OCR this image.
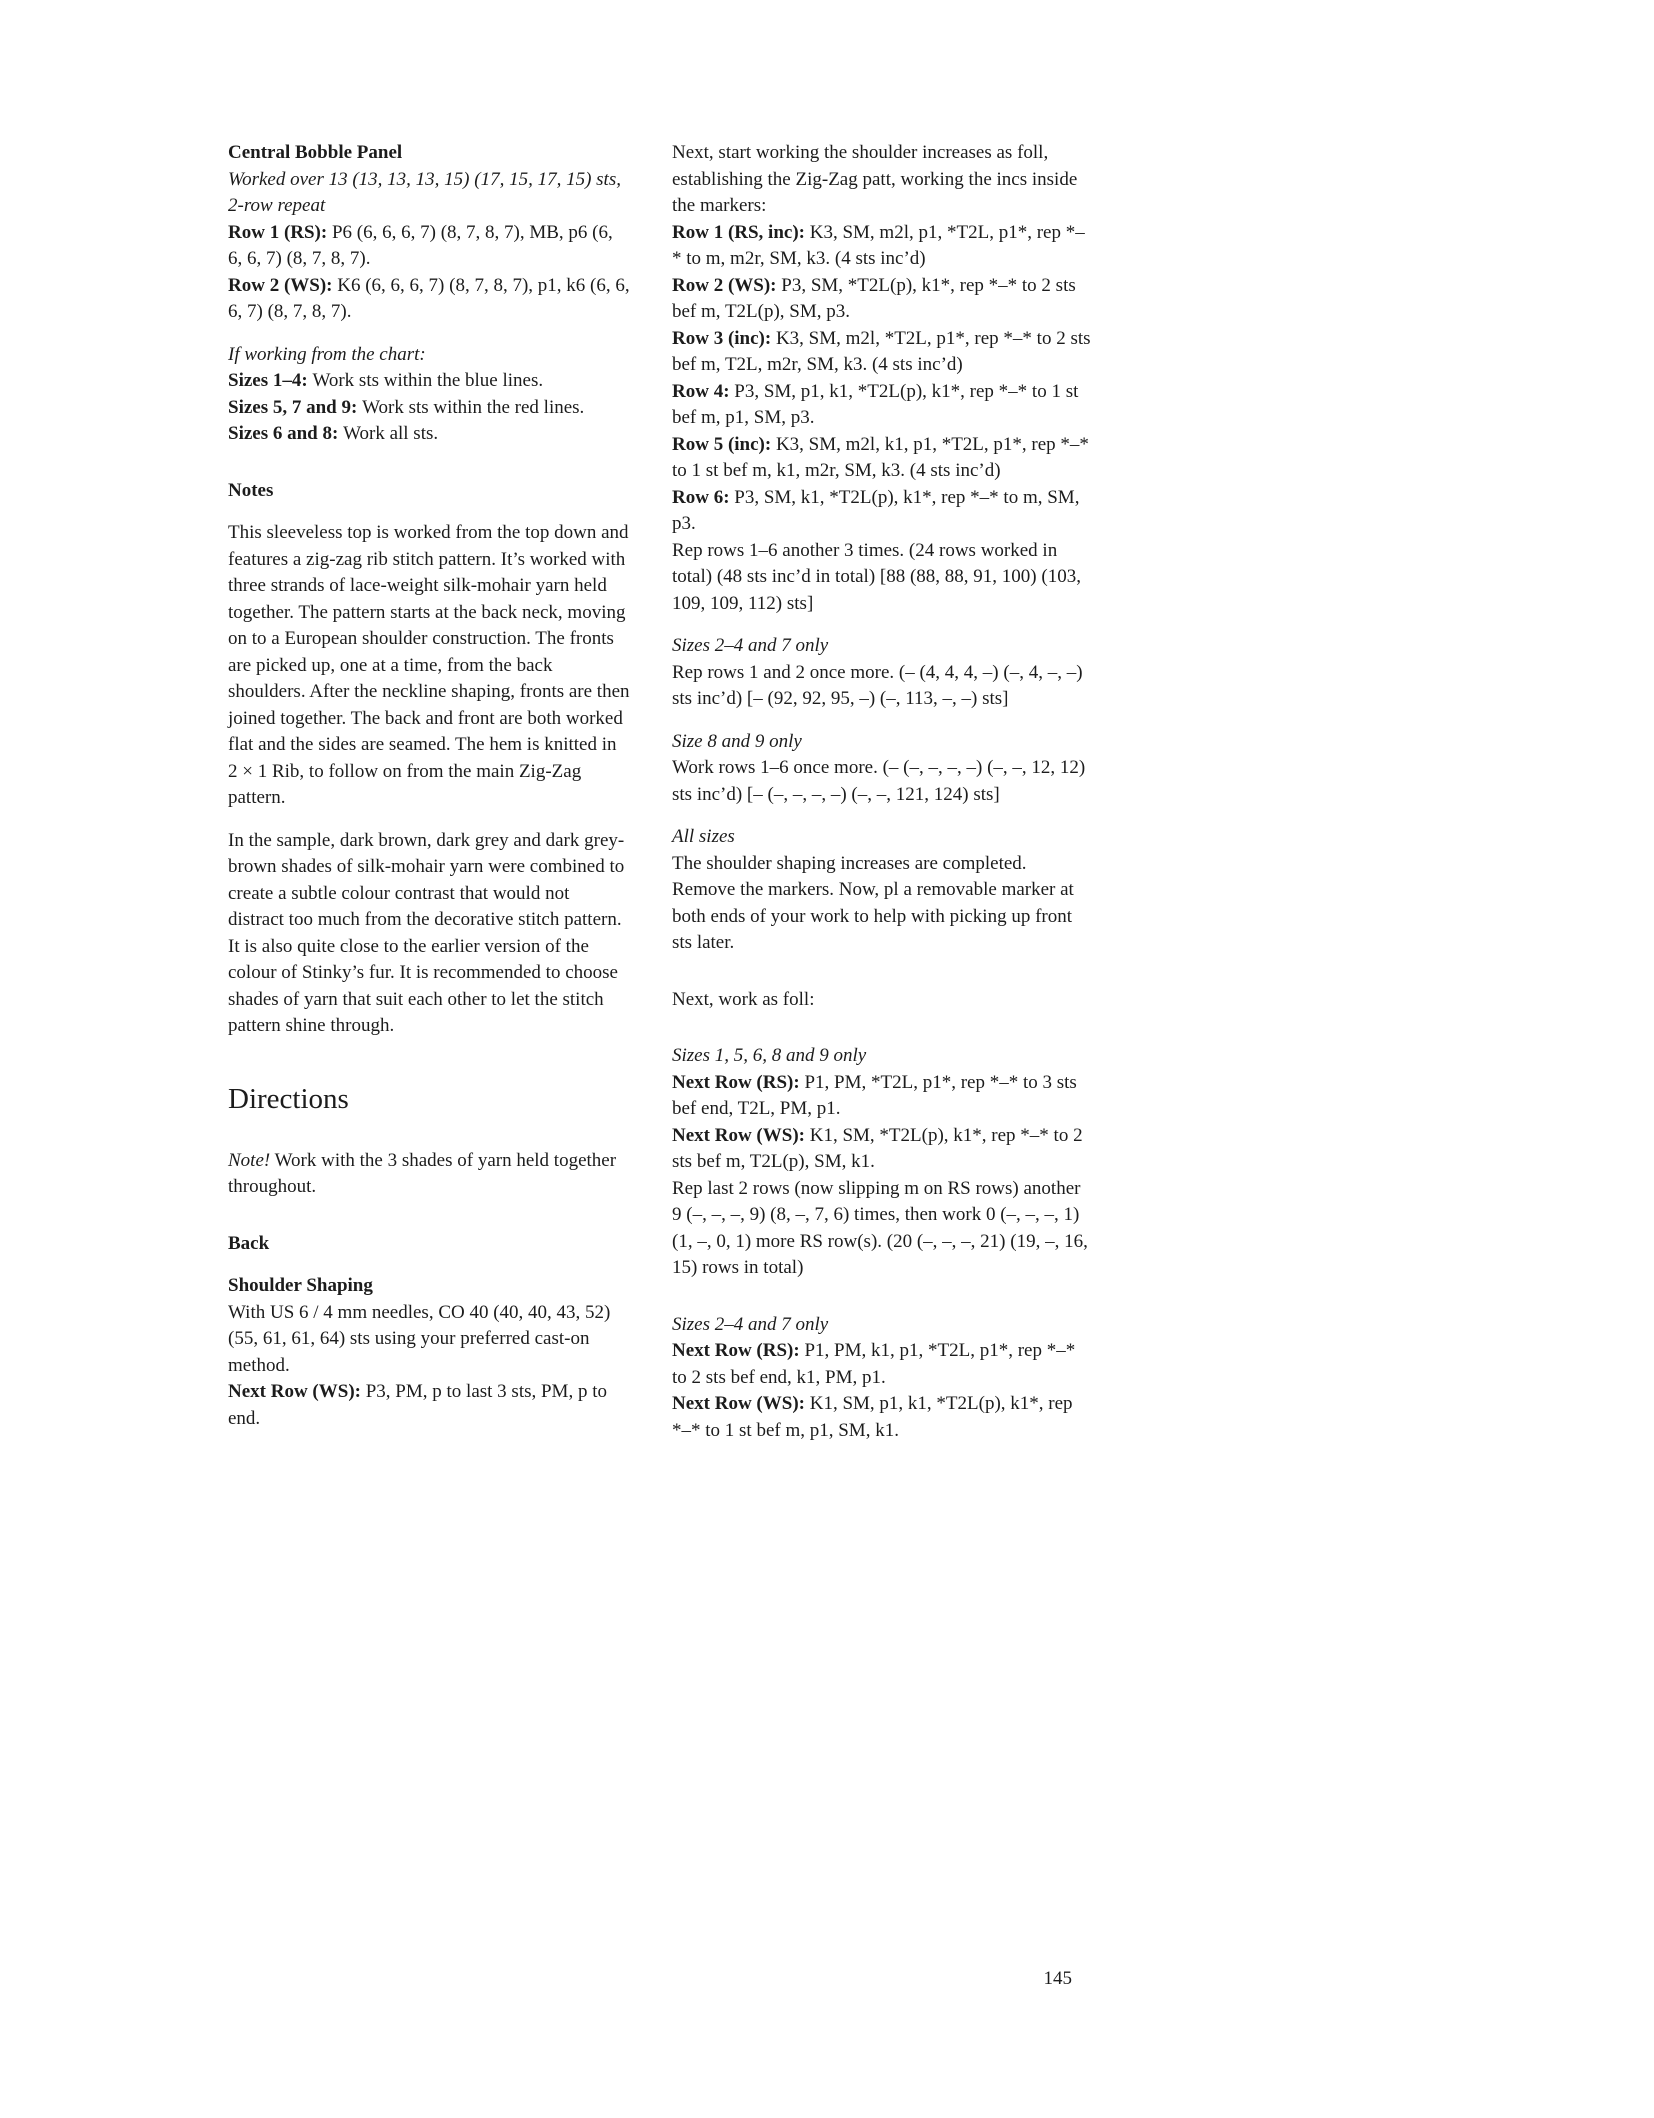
Central Bobble Panel
Worked over 13 (13, 13, 13, 15) (17, 15, 17, 15) sts, 2-row repeat
Row 1 (RS): P6 (6, 6, 6, 7) (8, 7, 8, 7), MB, p6 (6, 6, 6, 7) (8, 7, 8, 7).
Row 2 (WS): K6 (6, 6, 6, 7) (8, 7, 8, 7), p1, k6 (6, 6, 6, 7) (8, 7, 8, 7).
If working from the chart:
Sizes 1–4: Work sts within the blue lines.
Sizes 5, 7 and 9: Work sts within the red lines.
Sizes 6 and 8: Work all sts.
Notes
This sleeveless top is worked from the top down and features a zig-zag rib stitch pattern. It’s worked with three strands of lace-weight silk-mohair yarn held together. The pattern starts at the back neck, moving on to a European shoulder construction. The fronts are picked up, one at a time, from the back shoulders. After the neckline shaping, fronts are then joined together. The back and front are both worked flat and the sides are seamed. The hem is knitted in 2 × 1 Rib, to follow on from the main Zig-Zag pattern.
In the sample, dark brown, dark grey and dark grey-brown shades of silk-mohair yarn were combined to create a subtle colour contrast that would not distract too much from the decorative stitch pattern. It is also quite close to the earlier version of the colour of Stinky’s fur. It is recommended to choose shades of yarn that suit each other to let the stitch pattern shine through.
Directions
Note! Work with the 3 shades of yarn held together throughout.
Back
Shoulder Shaping
With US 6 / 4 mm needles, CO 40 (40, 40, 43, 52) (55, 61, 61, 64) sts using your preferred cast-on method.
Next Row (WS): P3, PM, p to last 3 sts, PM, p to end.
Next, start working the shoulder increases as foll, establishing the Zig-Zag patt, working the incs inside the markers:
Row 1 (RS, inc): K3, SM, m2l, p1, *T2L, p1*, rep *–* to m, m2r, SM, k3. (4 sts inc’d)
Row 2 (WS): P3, SM, *T2L(p), k1*, rep *–* to 2 sts bef m, T2L(p), SM, p3.
Row 3 (inc): K3, SM, m2l, *T2L, p1*, rep *–* to 2 sts bef m, T2L, m2r, SM, k3. (4 sts inc’d)
Row 4: P3, SM, p1, k1, *T2L(p), k1*, rep *–* to 1 st bef m, p1, SM, p3.
Row 5 (inc): K3, SM, m2l, k1, p1, *T2L, p1*, rep *–* to 1 st bef m, k1, m2r, SM, k3. (4 sts inc’d)
Row 6: P3, SM, k1, *T2L(p), k1*, rep *–* to m, SM, p3.
Rep rows 1–6 another 3 times. (24 rows worked in total) (48 sts inc’d in total) [88 (88, 88, 91, 100) (103, 109, 109, 112) sts]
Sizes 2–4 and 7 only
Rep rows 1 and 2 once more. (– (4, 4, 4, –) (–, 4, –, –) sts inc’d) [– (92, 92, 95, –) (–, 113, –, –) sts]
Size 8 and 9 only
Work rows 1–6 once more. (– (–, –, –, –) (–, –, 12, 12) sts inc’d) [– (–, –, –, –) (–, –, 121, 124) sts]
All sizes
The shoulder shaping increases are completed. Remove the markers. Now, pl a removable marker at both ends of your work to help with picking up front sts later.
Next, work as foll:
Sizes 1, 5, 6, 8 and 9 only
Next Row (RS): P1, PM, *T2L, p1*, rep *–* to 3 sts bef end, T2L, PM, p1.
Next Row (WS): K1, SM, *T2L(p), k1*, rep *–* to 2 sts bef m, T2L(p), SM, k1.
Rep last 2 rows (now slipping m on RS rows) another 9 (–, –, –, 9) (8, –, 7, 6) times, then work 0 (–, –, –, 1) (1, –, 0, 1) more RS row(s). (20 (–, –, –, 21) (19, –, 16, 15) rows in total)
Sizes 2–4 and 7 only
Next Row (RS): P1, PM, k1, p1, *T2L, p1*, rep *–* to 2 sts bef end, k1, PM, p1.
Next Row (WS): K1, SM, p1, k1, *T2L(p), k1*, rep *–* to 1 st bef m, p1, SM, k1.
145
